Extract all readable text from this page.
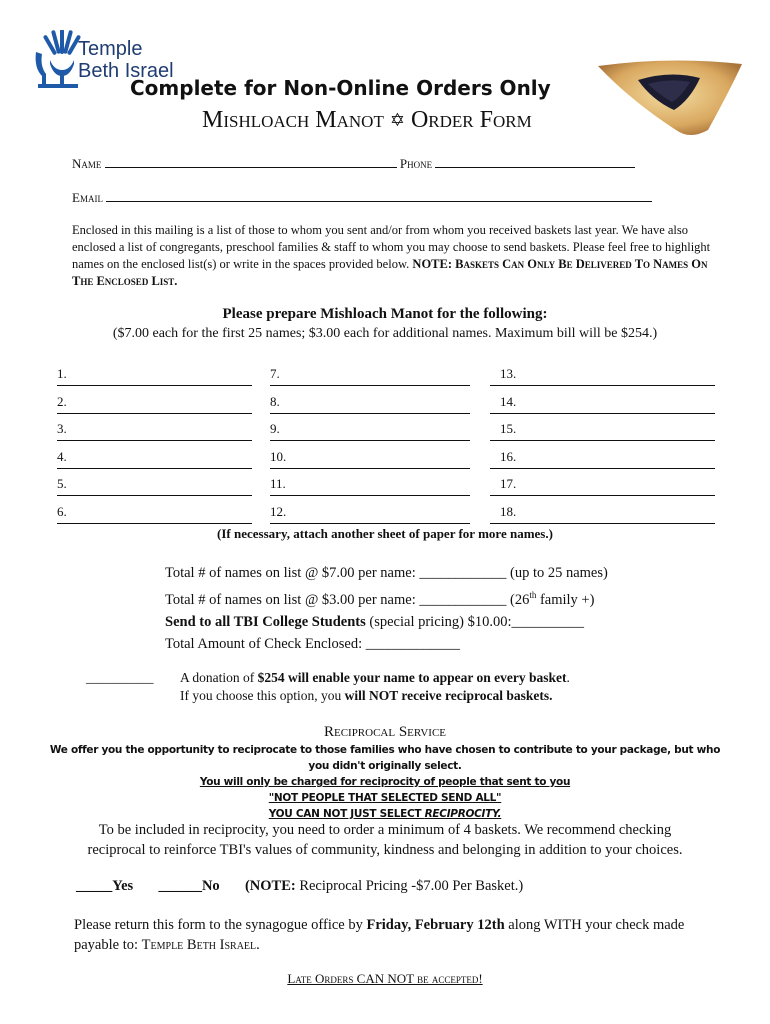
Temple
Beth Israel
Complete for Non-Online Orders Only
Mishloach Manot ✡ Order Form
Name	Phone
Email
Enclosed in this mailing is a list of those to whom you sent and/or from whom you received baskets last year. We have also enclosed a list of congregants, preschool families & staff to whom you may choose to send baskets. Please feel free to highlight names on the enclosed list(s) or write in the spaces provided below. NOTE: Baskets Can Only Be Delivered To Names On The Enclosed List.
Please prepare Mishloach Manot for the following:
($7.00 each for the first 25 names; $3.00 each for additional names. Maximum bill will be $254.)
1.
2.
3.
4.
5.
6.
7.
8.
9.
10.
11.
12.
13.
14.
15.
16.
17.
18.
(If necessary, attach another sheet of paper for more names.)
Total # of names on list @ $7.00 per name: ____________ (up to 25 names)
Total # of names on list @ $3.00 per name: ____________ (26th family +)
Send to all TBI College Students (special pricing) $10.00:__________
Total Amount of Check Enclosed: _____________
__________ A donation of $254 will enable your name to appear on every basket.
If you choose this option, you will NOT receive reciprocal baskets.
Reciprocal Service
We offer you the opportunity to reciprocate to those families who have chosen to contribute to your package, but who
you didn't originally select.
You will only be charged for reciprocity of people that sent to you
"NOT PEOPLE THAT SELECTED SEND ALL"
YOU CAN NOT JUST SELECT RECIPROCITY.
To be included in reciprocity, you need to order a minimum of 4 baskets. We recommend checking
reciprocal to reinforce TBI's values of community, kindness and belonging in addition to your choices.
_____Yes ______No (NOTE: Reciprocal Pricing -$7.00 Per Basket.)
Please return this form to the synagogue office by Friday, February 12th along WITH your check made payable to: Temple Beth Israel.
Late Orders CAN NOT be accepted!
